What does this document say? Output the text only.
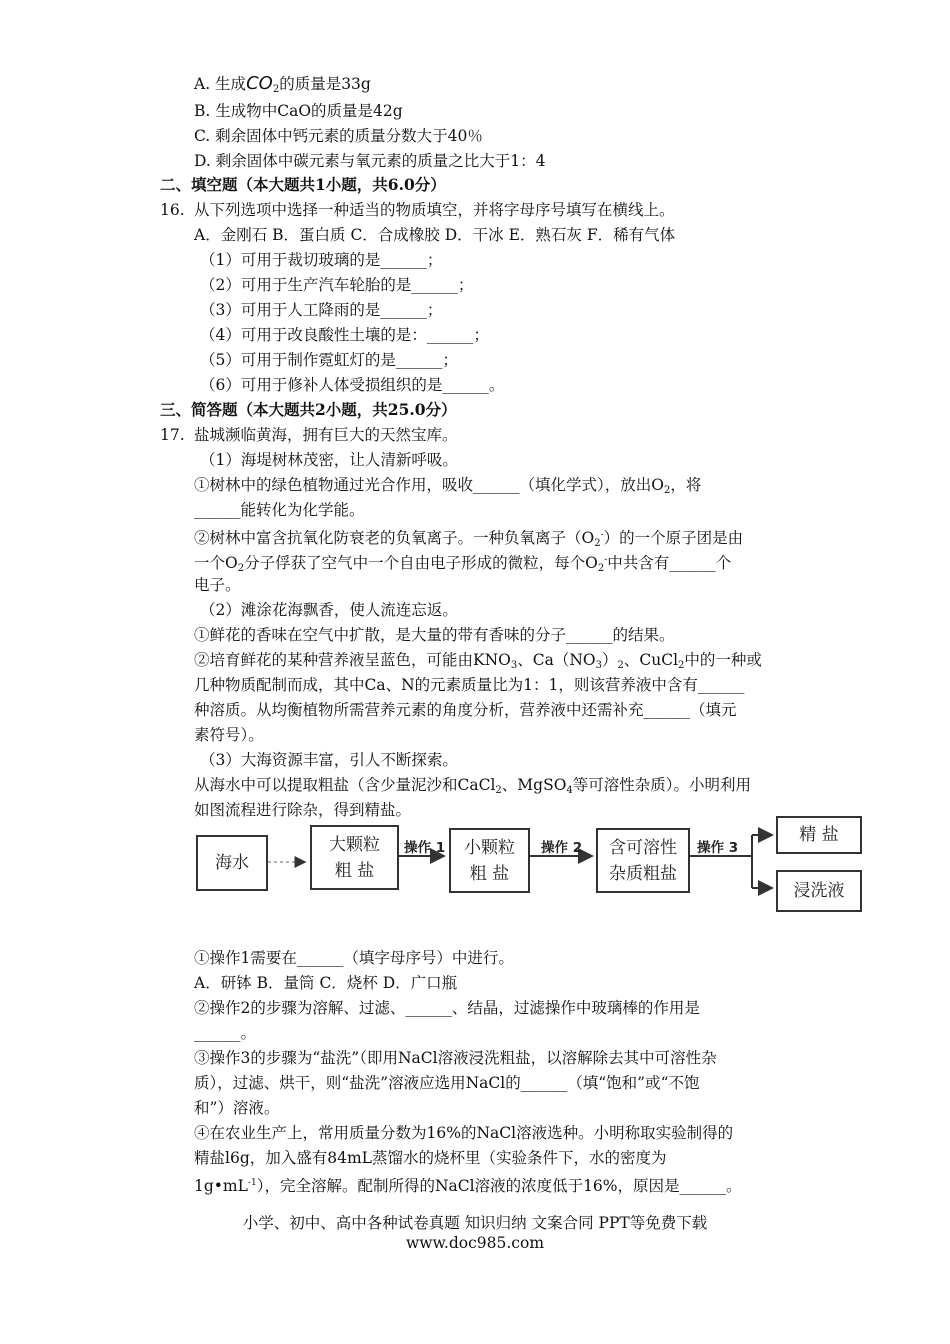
A. 生成$CO_2$的质量是33g
B. 生成物中CaO的质量是42g
C. 剩余固体中钙元素的质量分数大于40％
D. 剩余固体中碳元素与氧元素的质量之比大于1：4
二、填空题（本大题共1小题，共6.0分）
16. 从下列选项中选择一种适当的物质填空，并将字母序号填写在横线上。
A．金刚石 B．蛋白质 C．合成橡胶 D．干冰 E．熟石灰 F．稀有气体
（1）可用于裁切玻璃的是______；
（2）可用于生产汽车轮胎的是______；
（3）可用于人工降雨的是______；
（4）可用于改良酸性土壤的是：______；
（5）可用于制作霓虹灯的是______；
（6）可用于修补人体受损组织的是______。
三、简答题（本大题共2小题，共25.0分）
17. 盐城濒临黄海，拥有巨大的天然宝库。
（1）海堤树林茂密，让人清新呼吸。
①树林中的绿色植物通过光合作用，吸收______（填化学式），放出$O_2$，将
______能转化为化学能。
②树林中富含抗氧化防衰老的负氧离子。一种负氧离子$(O_2^-)$的一个原子团是由
一个$O_2$分子俘获了空气中一个自由电子形成的微粒，每个$O_2^-$中共含有______个
电子。
（2）滩涂花海飘香，使人流连忘返。
①鲜花的香味在空气中扩散，是大量的带有香味的分子______的结果。
②培育鲜花的某种营养液呈蓝色，可能由$KNO_3$、$Ca(NO_3)_2$、CuCl$_2$中的一种或
几种物质配制而成，其中Ca、N的元素质量比为1：1，则该营养液中含有______
种溶质。从均衡植物所需营养元素的角度分析，营养液中还需补充______（填元
素符号）。
（3）大海资源丰富，引人不断探索。
从海水中可以提取粗盐（含少量泥沙和CaCl$_2$、MgSO$_4$等可溶性杂质）。小明利用
如图流程进行除杂，得到精盐。
海水
大颗粒
粗 盐
操作 1 小颗粒
粗 盐
操作 2 含可溶性
杂质粗盐
操作 3
精 盐
浸洗液
①操作1需要在______（填字母序号）中进行。
A．研钵 B．量筒 C．烧杯 D．广口瓶
②操作2的步骤为溶解、过滤、______、结晶，过滤操作中玻璃棒的作用是
______。
③操作3的步骤为“盐洗”（即用NaCl溶液浸洗粗盐，以溶解除去其中可溶性杂
质），过滤、烘干，则“盐洗”溶液应选用NaCl的______（填“饱和”或“不饱
和”）溶液。
④在农业生产上，常用质量分数为16%的NaCl溶液选种。小明称取实验制得的
精盐l6g，加入盛有84mL蒸馏水的烧杯里（实验条件下，水的密度为
$1g•mL^{-1}$），完全溶解。配制所得的NaCl溶液的浓度低于16%，原因是______。
小学、初中、高中各种试卷真题 知识归纳 文案合同 PPT等免费下载
www.doc985.com
